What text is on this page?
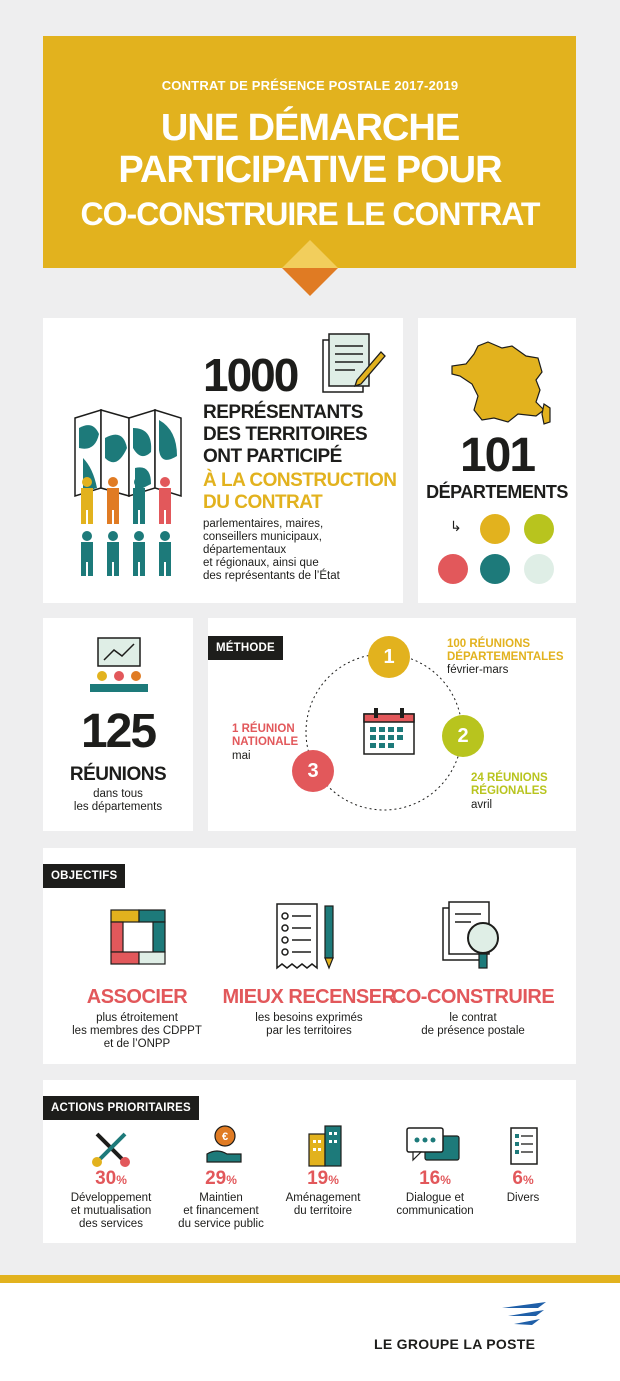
CONTRAT DE PRÉSENCE POSTALE 2017-2019
UNE DÉMARCHE
PARTICIPATIVE POUR
CO-CONSTRUIRE LE CONTRAT
1000
REPRÉSENTANTS
DES TERRITOIRES
ONT PARTICIPÉ
À LA CONSTRUCTION
DU CONTRAT
parlementaires, maires,
conseillers municipaux,
départementaux
et régionaux, ainsi que
des représentants de l’État
101
DÉPARTEMENTS
↳
125
RÉUNIONS
dans tous
les départements
MÉTHODE	1
2
3
100 RÉUNIONS
DÉPARTEMENTALES
février-mars
24 RÉUNIONS
RÉGIONALES
avril
1 RÉUNION
NATIONALE
mai
OBJECTIFS
ASSOCIER
plus étroitement
les membres des CDPPT
et de l’ONPP
MIEUX RECENSER
les besoins exprimés
par les territoires
CO-CONSTRUIRE
le contrat
de présence postale
ACTIONS PRIORITAIRES
€
30%
Développement
et mutualisation
des services
29%
Maintien
et financement
du service public
19%
Aménagement
du territoire
16%
Dialogue et
communication
6%
Divers
LE GROUPE LA POSTE
